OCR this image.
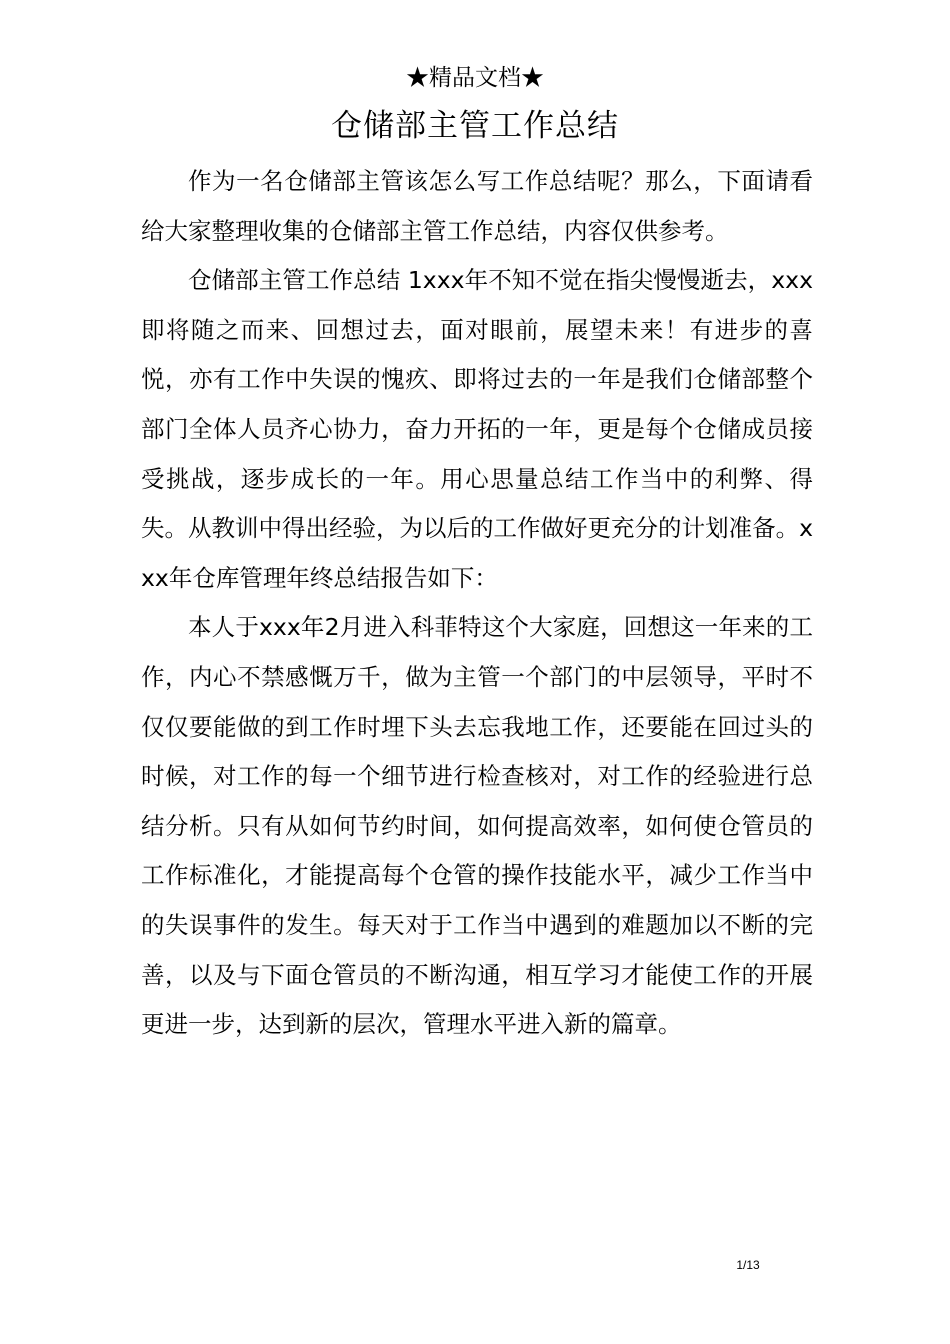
★精品文档★
仓储部主管工作总结

作为一名仓储部主管该怎么写工作总结呢？那么，下面请看给大家整理收集的仓储部主管工作总结，内容仅供参考。

仓储部主管工作总结 1xxx年不知不觉在指尖慢慢逝去，xxx即将随之而来、回想过去，面对眼前，展望未来！有进步的喜悦，亦有工作中失误的愧疚、即将过去的一年是我们仓储部整个部门全体人员齐心协力，奋力开拓的一年，更是每个仓储成员接受挑战，逐步成长的一年。用心思量总结工作当中的利弊、得失。从教训中得出经验，为以后的工作做好更充分的计划准备。xxx年仓库管理年终总结报告如下：

本人于xxx年2月进入科菲特这个大家庭，回想这一年来的工作，内心不禁感慨万千，做为主管一个部门的中层领导，平时不仅仅要能做的到工作时埋下头去忘我地工作，还要能在回过头的时候，对工作的每一个细节进行检查核对，对工作的经验进行总结分析。只有从如何节约时间，如何提高效率，如何使仓管员的工作标准化，才能提高每个仓管的操作技能水平，减少工作当中的失误事件的发生。每天对于工作当中遇到的难题加以不断的完善，以及与下面仓管员的不断沟通，相互学习才能使工作的开展更进一步，达到新的层次，管理水平进入新的篇章。

1/13
